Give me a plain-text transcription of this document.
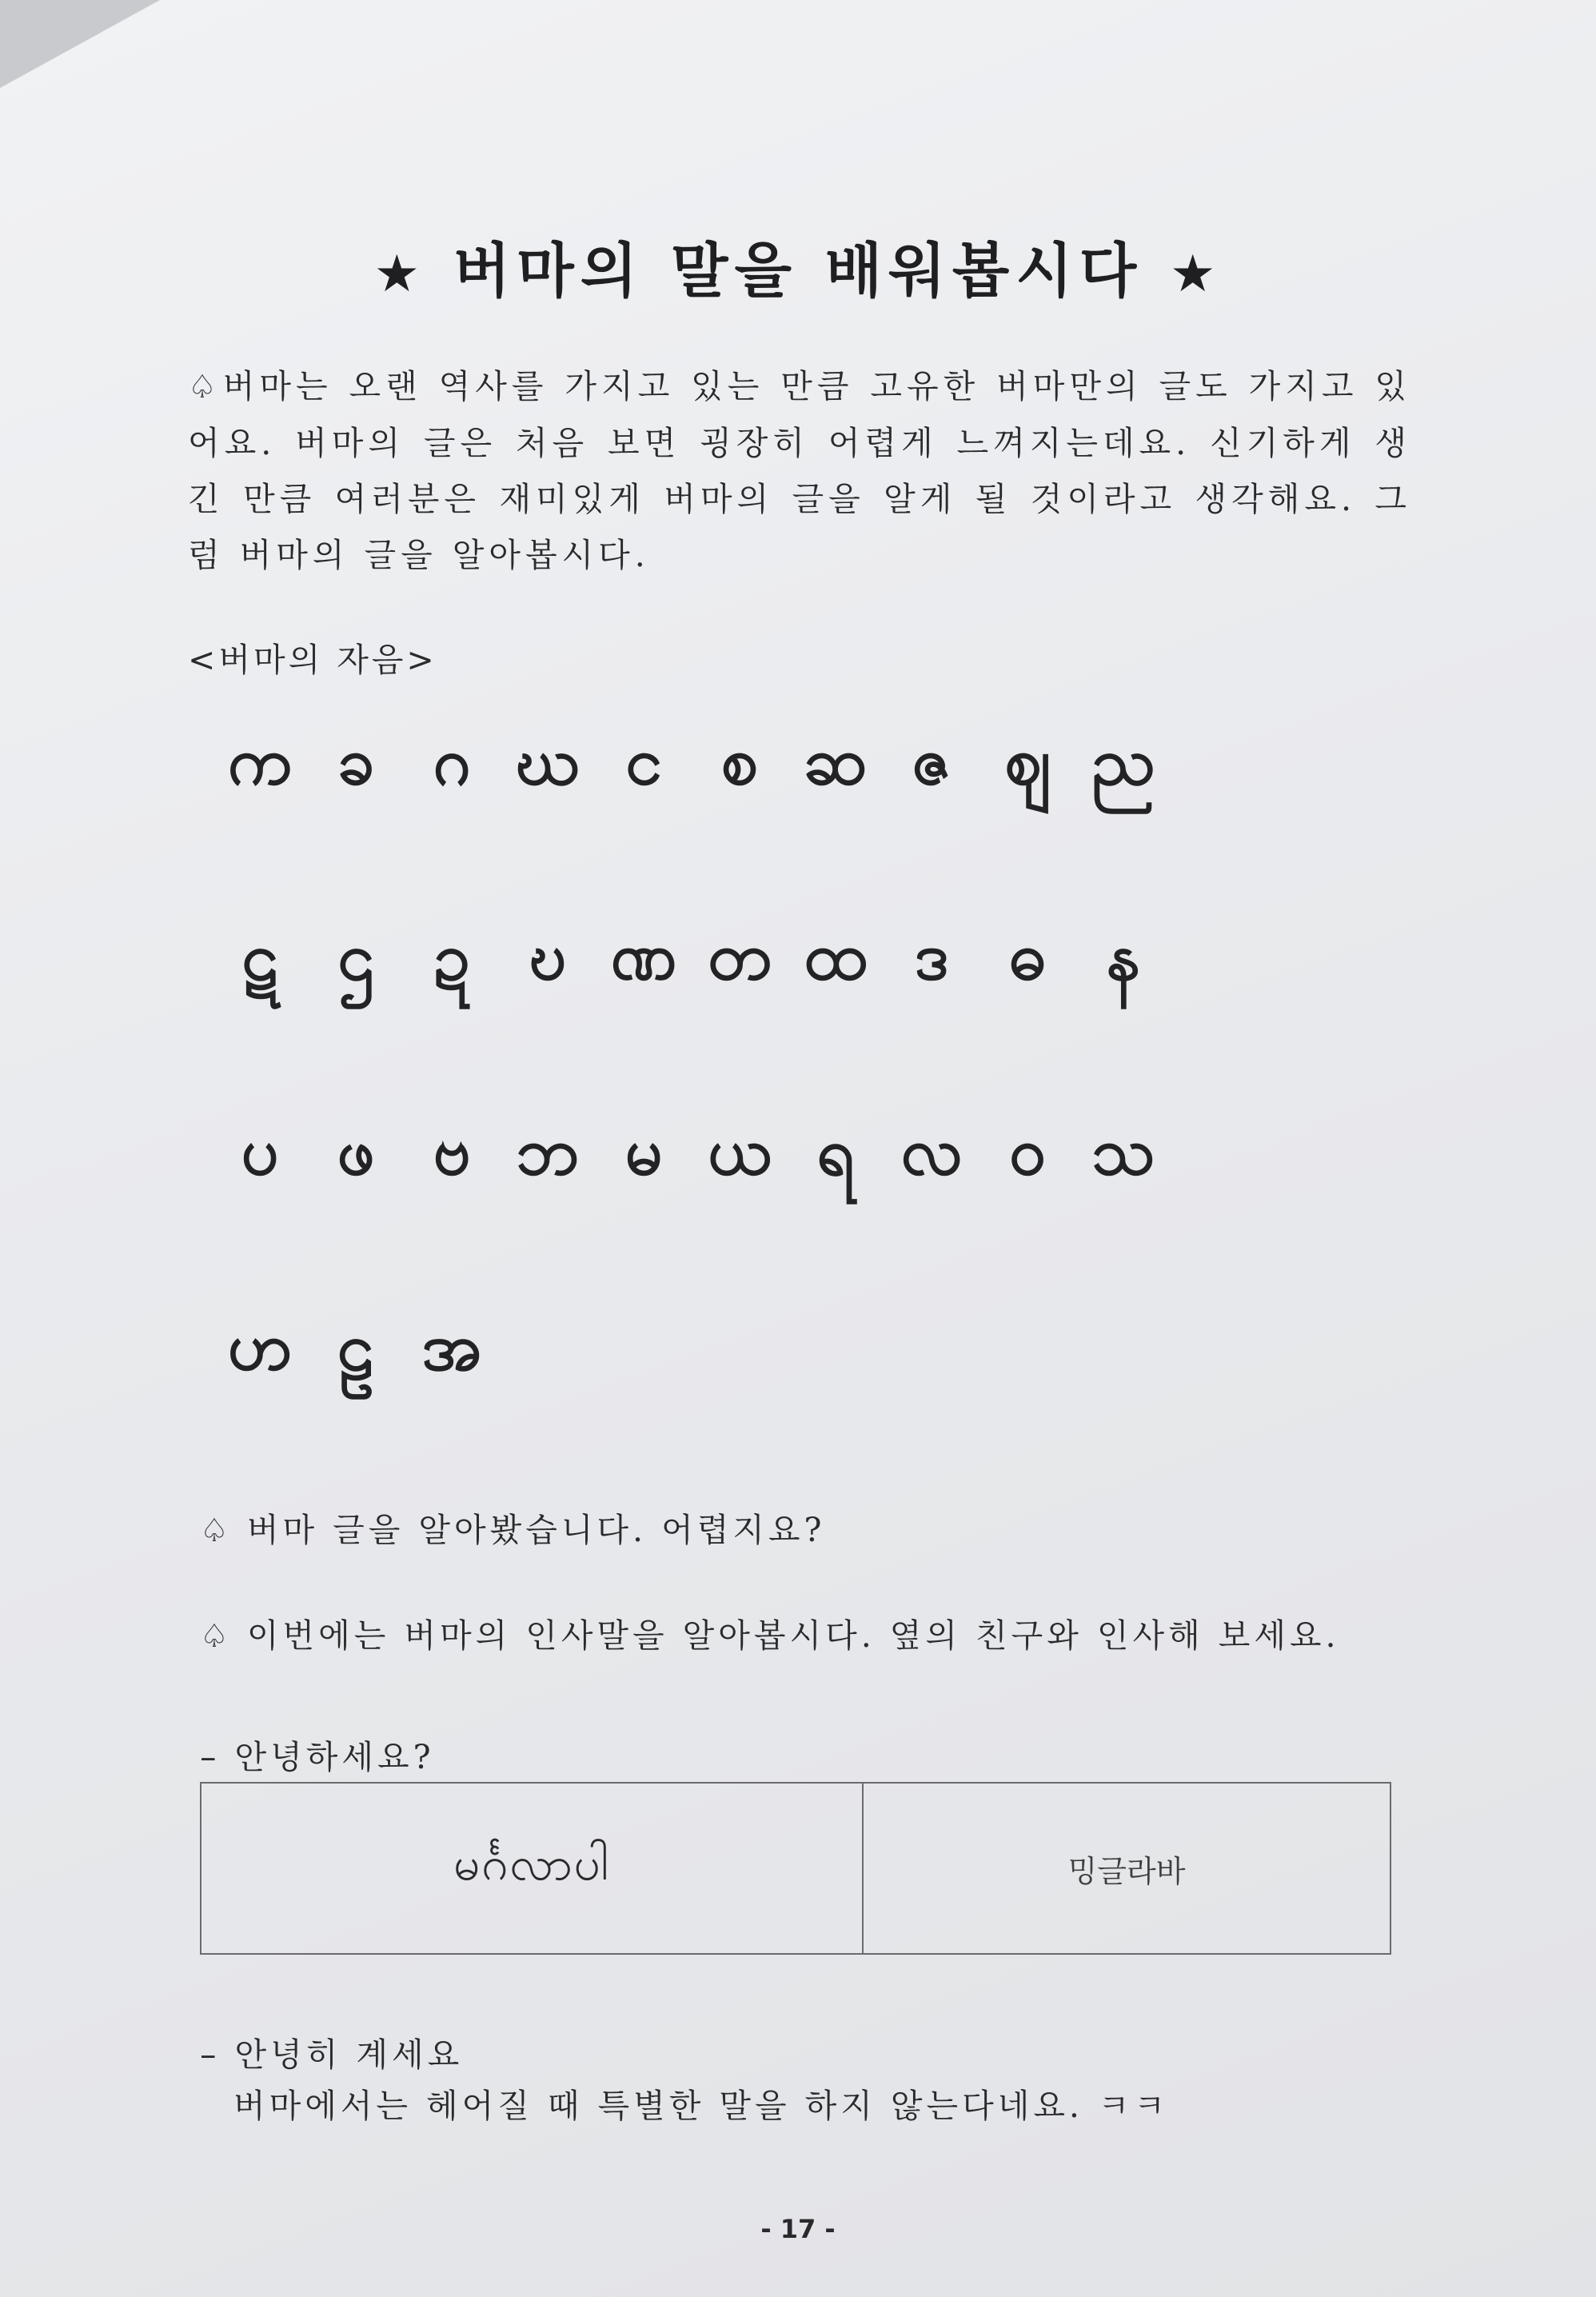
★ 버마의 말을 배워봅시다 ★
♤버마는 오랜 역사를 가지고 있는 만큼 고유한 버마만의 글도 가지고 있어요. 버마의 글은 처음 보면 굉장히 어렵게 느껴지는데요. 신기하게 생긴 만큼 여러분은 재미있게 버마의 글을 알게 될 것이라고 생각해요. 그럼 버마의 글을 알아봅시다.
<버마의 자음>
က ခ ဂ ဃ င စ ဆ ဇ ဈ ည
ဋ ဌ ဍ ဎ ဏ တ ထ ဒ ဓ န
ပ ဖ ဗ ဘ မ ယ ရ လ ဝ သ
ဟ ဠ အ
♤ 버마 글을 알아봤습니다. 어렵지요?
♤ 이번에는 버마의 인사말을 알아봅시다. 옆의 친구와 인사해 보세요.
– 안녕하세요?
မင်္ဂလာပါ	밍글라바
– 안녕히 계세요
버마에서는 헤어질 때 특별한 말을 하지 않는다네요. ㅋㅋ
- 17 -
